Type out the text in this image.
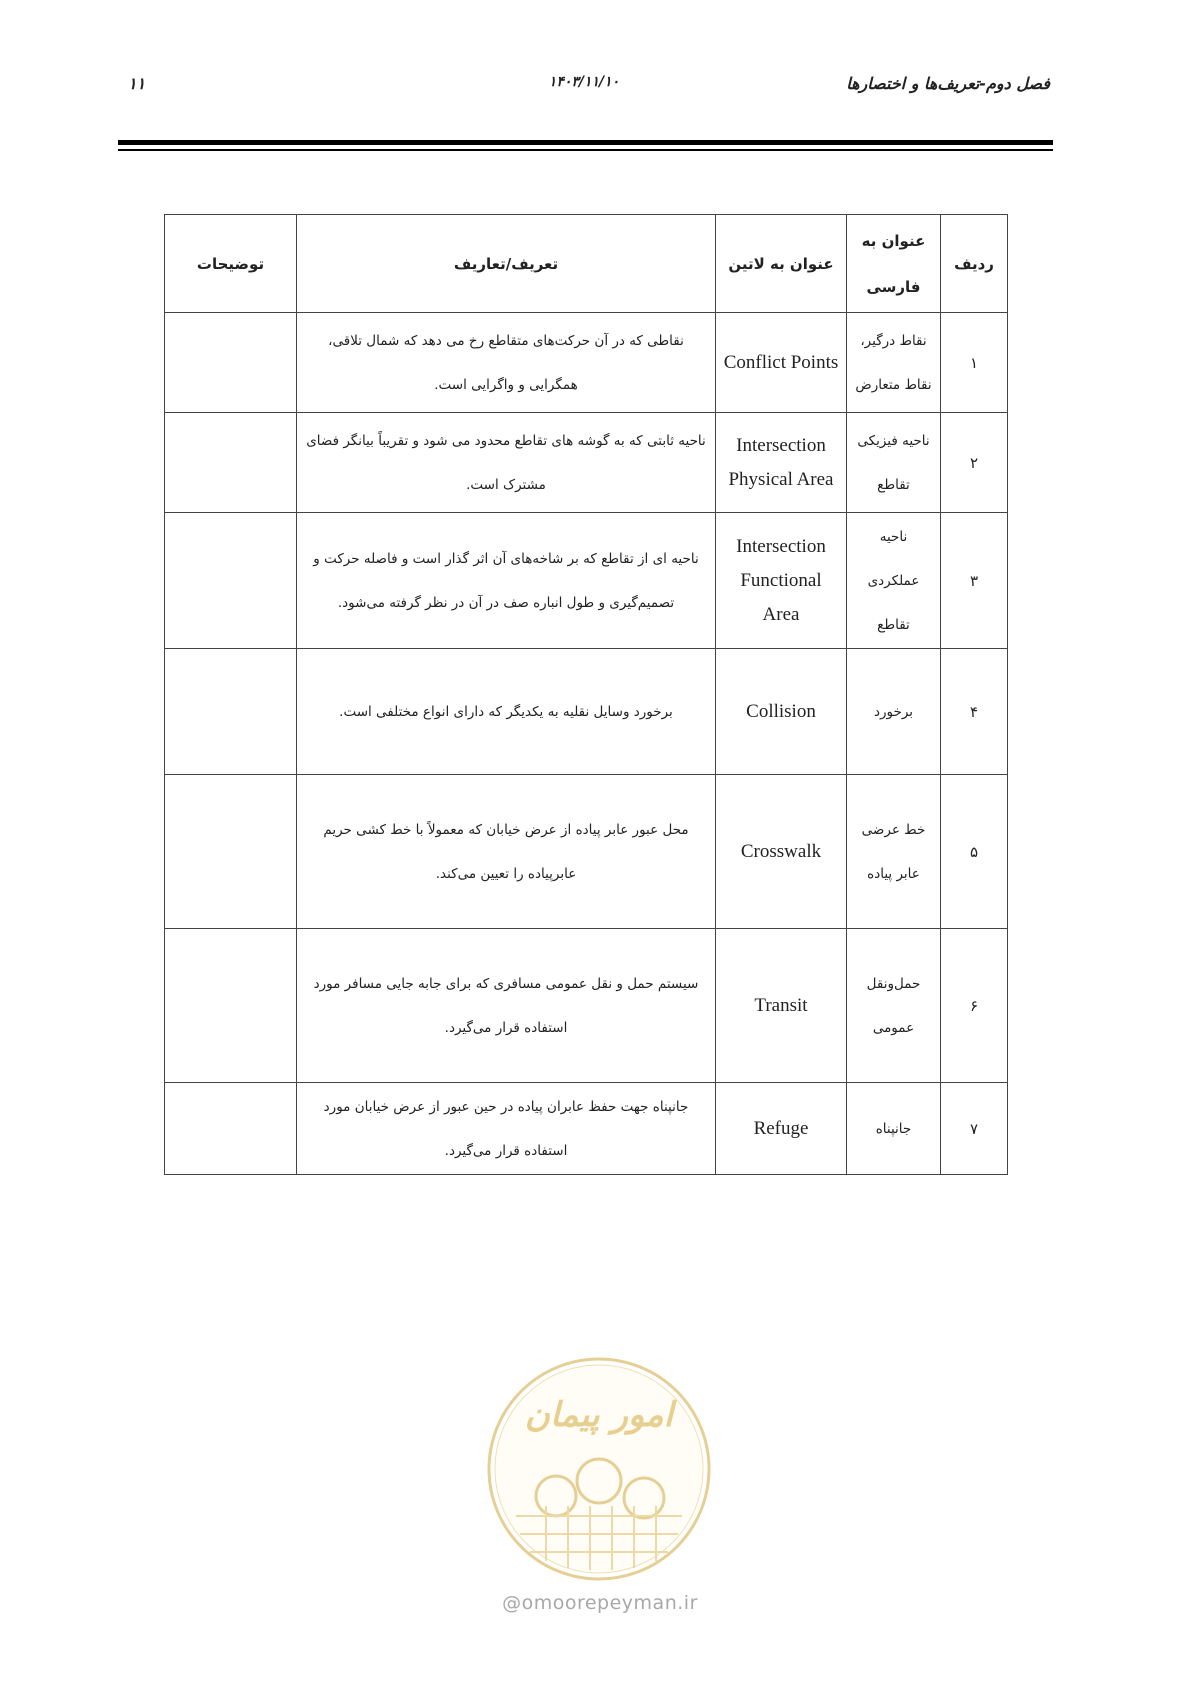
فصل دوم-تعریف‌ها و اختصارها
۱۴۰۳/۱۱/۱۰
۱۱
ردیف	عنوان به فارسی	عنوان به لاتین	تعریف/تعاریف	توضیحات
۱	نقاط درگیر، نقاط متعارض	Conflict Points	نقاطی که در آن حرکت‌های متقاطع رخ می دهد که شمال تلاقی، همگرایی و واگرایی است.	
۲	ناحیه فیزیکی تقاطع	Intersection Physical Area	ناحیه ثابتی که به گوشه های تقاطع محدود می شود و تقریباً بیانگر فضای مشترک است.	
۳	ناحیه عملکردی تقاطع	Intersection Functional Area	ناحیه ای از تقاطع که بر شاخه‌های آن اثر گذار است و فاصله حرکت و تصمیم‌گیری و طول انباره صف در آن در نظر گرفته می‌شود.	
۴	برخورد	Collision	برخورد وسایل نقلیه به یکدیگر که دارای انواع مختلفی است.	
۵	خط عرضی عابر پیاده	Crosswalk	محل عبور عابر پیاده از عرض خیابان که معمولاً با خط کشی حریم عابرپیاده را تعیین می‌کند.	
۶	حمل‌ونقل عمومی	Transit	سیستم حمل و نقل عمومی مسافری که برای جابه جایی مسافر مورد استفاده قرار می‌گیرد.	
۷	جانپناه	Refuge	جانپناه جهت حفظ عابران پیاده در حین عبور از عرض خیابان مورد استفاده قرار می‌گیرد.	
امور پیمان
@omoorepeyman.ir
